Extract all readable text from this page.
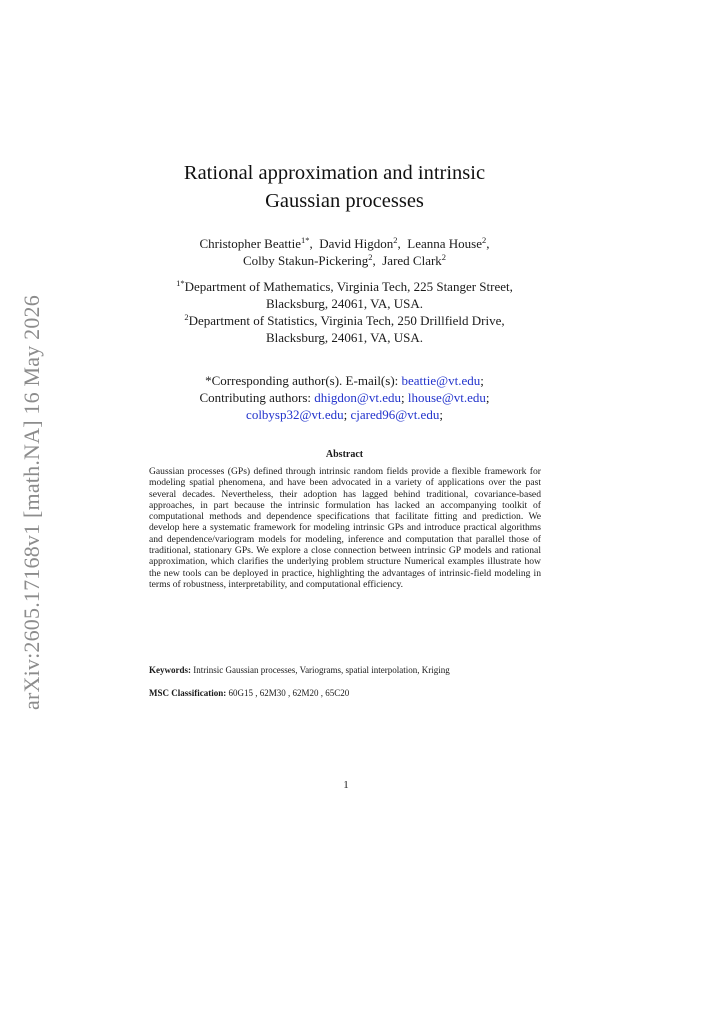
arXiv:2605.17168v1 [math.NA] 16 May 2026
Rational approximation and intrinsic
Gaussian processes
Christopher Beattie$^{1*}$,  David Higdon$^2$,  Leanna House$^2$,
Colby Stakun-Pickering$^2$,  Jared Clark$^2$
$^{1*}$Department of Mathematics, Virginia Tech, 225 Stanger Street,
Blacksburg, 24061, VA, USA.
$^2$Department of Statistics, Virginia Tech, 250 Drillfield Drive,
Blacksburg, 24061, VA, USA.
*Corresponding author(s). E-mail(s): beattie@vt.edu;
Contributing authors: dhigdon@vt.edu; lhouse@vt.edu;
colbysp32@vt.edu; cjared96@vt.edu;
Abstract
Gaussian processes (GPs) defined through intrinsic random fields provide a flexible framework for modeling spatial phenomena, and have been advocated in a variety of applications over the past several decades. Nevertheless, their adoption has lagged behind traditional, covariance-based approaches, in part because the intrinsic formulation has lacked an accompanying toolkit of computational methods and dependence specifications that facilitate fitting and prediction. We develop here a systematic framework for modeling intrinsic GPs and introduce practical algorithms and dependence/variogram models for modeling, inference and computation that parallel those of traditional, stationary GPs. We explore a close connection between intrinsic GP models and rational approximation, which clarifies the underlying problem structure Numerical examples illustrate how the new tools can be deployed in practice, highlighting the advantages of intrinsic-field modeling in terms of robustness, interpretability, and computational efficiency.
Keywords: Intrinsic Gaussian processes, Variograms, spatial interpolation, Kriging
MSC Classification: 60G15 , 62M30 , 62M20 , 65C20
1
